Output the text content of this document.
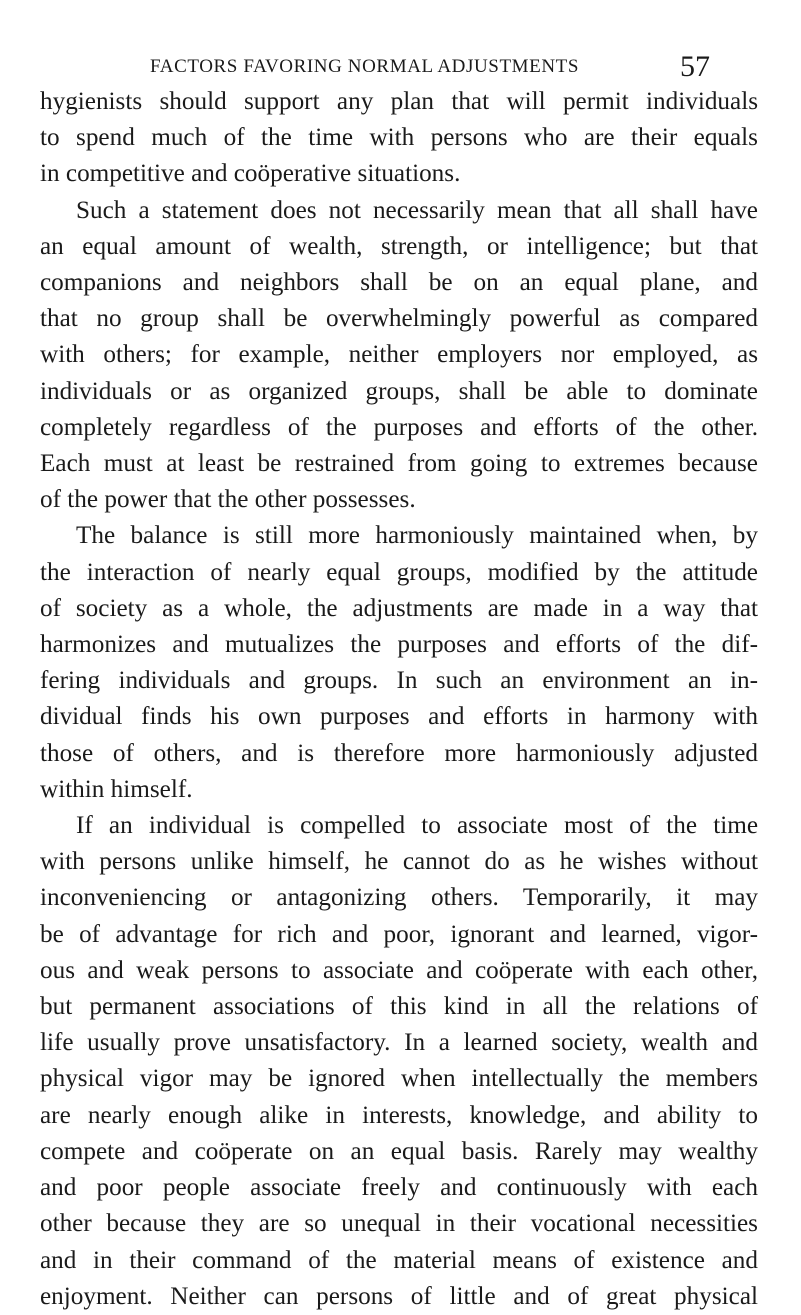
FACTORS FAVORING NORMAL ADJUSTMENTS	57

hygienists should support any plan that will permit individuals
to spend much of the time with persons who are their equals
in competitive and coöperative situations.

Such a statement does not necessarily mean that all shall have
an equal amount of wealth, strength, or intelligence; but that
companions and neighbors shall be on an equal plane, and
that no group shall be overwhelmingly powerful as compared
with others; for example, neither employers nor employed, as
individuals or as organized groups, shall be able to dominate
completely regardless of the purposes and efforts of the other.
Each must at least be restrained from going to extremes because
of the power that the other possesses.

The balance is still more harmoniously maintained when, by
the interaction of nearly equal groups, modified by the attitude
of society as a whole, the adjustments are made in a way that
harmonizes and mutualizes the purposes and efforts of the dif-
fering individuals and groups. In such an environment an in-
dividual finds his own purposes and efforts in harmony with
those of others, and is therefore more harmoniously adjusted
within himself.

If an individual is compelled to associate most of the time
with persons unlike himself, he cannot do as he wishes without
inconveniencing or antagonizing others. Temporarily, it may
be of advantage for rich and poor, ignorant and learned, vigor-
ous and weak persons to associate and coöperate with each other,
but permanent associations of this kind in all the relations of
life usually prove unsatisfactory. In a learned society, wealth and
physical vigor may be ignored when intellectually the members
are nearly enough alike in interests, knowledge, and ability to
compete and coöperate on an equal basis. Rarely may wealthy
and poor people associate freely and continuously with each
other because they are so unequal in their vocational necessities
and in their command of the material means of existence and
enjoyment. Neither can persons of little and of great physical
